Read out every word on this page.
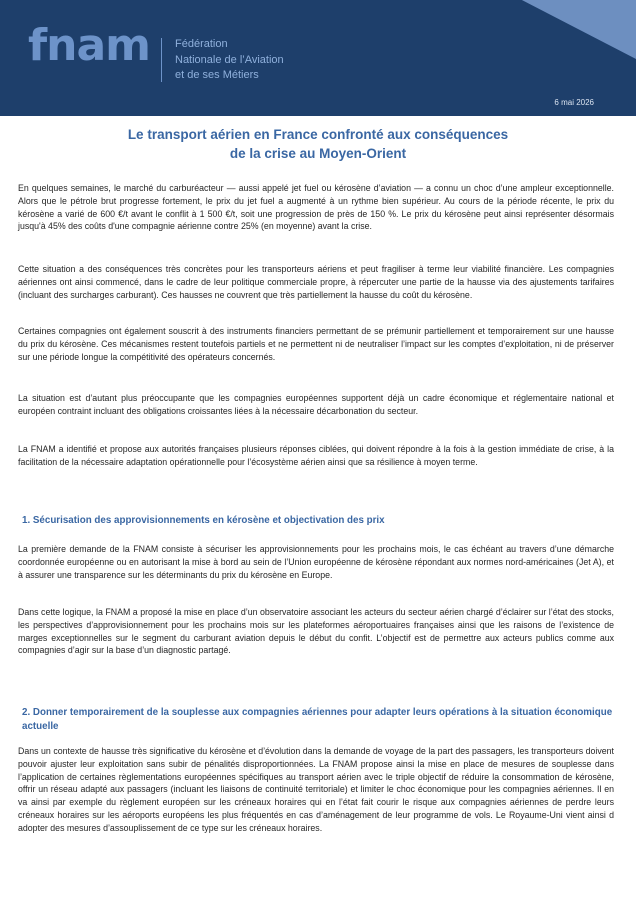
fnam Fédération
Nationale de l’Aviation
et de ses Métiers
6 mai 2026
Le transport aérien en France confronté aux conséquences
de la crise au Moyen-Orient

En quelques semaines, le marché du carburéacteur — aussi appelé jet fuel ou kérosène d’aviation — a connu un choc d’une ampleur exceptionnelle. Alors que le pétrole brut progresse fortement, le prix du jet fuel a augmenté à un rythme bien supérieur. Au cours de la période récente, le prix du kérosène a varié de 600 €/t avant le conflit à 1 500 €/t, soit une progression de près de 150 %. Le prix du kérosène peut ainsi représenter désormais jusqu'à 45% des coûts d'une compagnie aérienne contre 25% (en moyenne) avant la crise.

Cette situation a des conséquences très concrètes pour les transporteurs aériens et peut fragiliser à terme leur viabilité financière. Les compagnies aériennes ont ainsi commencé, dans le cadre de leur politique commerciale propre, à répercuter une partie de la hausse via des ajustements tarifaires (incluant des surcharges carburant). Ces hausses ne couvrent que très partiellement la hausse du coût du kérosène.

Certaines compagnies ont également souscrit à des instruments financiers permettant de se prémunir partiellement et temporairement sur une hausse du prix du kérosène. Ces mécanismes restent toutefois partiels et ne permettent ni de neutraliser l’impact sur les comptes d’exploitation, ni de préserver sur une période longue la compétitivité des opérateurs concernés.

La situation est d’autant plus préoccupante que les compagnies européennes supportent déjà un cadre économique et réglementaire national et européen contraint incluant des obligations croissantes liées à la nécessaire décarbonation du secteur.

La FNAM a identifié et propose aux autorités françaises plusieurs réponses ciblées, qui doivent répondre à la fois à la gestion immédiate de crise, à la facilitation de la nécessaire adaptation opérationnelle pour l’écosystème aérien ainsi que sa résilience à moyen terme.

1. Sécurisation des approvisionnements en kérosène et objectivation des prix

La première demande de la FNAM consiste à sécuriser les approvisionnements pour les prochains mois, le cas échéant au travers d’une démarche coordonnée européenne ou en autorisant la mise à bord au sein de l’Union européenne de kérosène répondant aux normes nord-américaines (Jet A), et à assurer une transparence sur les déterminants du prix du kérosène en Europe.

Dans cette logique, la FNAM a proposé la mise en place d’un observatoire associant les acteurs du secteur aérien chargé d’éclairer sur l’état des stocks, les perspectives d’approvisionnement pour les prochains mois sur les plateformes aéroportuaires françaises ainsi que les raisons de l’existence de marges exceptionnelles sur le segment du carburant aviation depuis le début du confit. L’objectif est de permettre aux acteurs publics comme aux compagnies d’agir sur la base d’un diagnostic partagé.

2. Donner temporairement de la souplesse aux compagnies aériennes pour adapter leurs opérations à la situation économique actuelle

Dans un contexte de hausse très significative du kérosène et d’évolution dans la demande de voyage de la part des passagers, les transporteurs doivent pouvoir ajuster leur exploitation sans subir de pénalités disproportionnées. La FNAM propose ainsi la mise en place de mesures de souplesse dans l’application de certaines règlementations européennes spécifiques au transport aérien avec le triple objectif de réduire la consommation de kérosène, offrir un réseau adapté aux passagers (incluant les liaisons de continuité territoriale) et limiter le choc économique pour les compagnies aériennes. Il en va ainsi par exemple du règlement européen sur les créneaux horaires qui en l’état fait courir le risque aux compagnies aériennes de perdre leurs créneaux horaires sur les aéroports européens les plus fréquentés en cas d’aménagement de leur programme de vols. Le Royaume-Uni vient ainsi d adopter des mesures d’assouplissement de ce type sur les créneaux horaires.
